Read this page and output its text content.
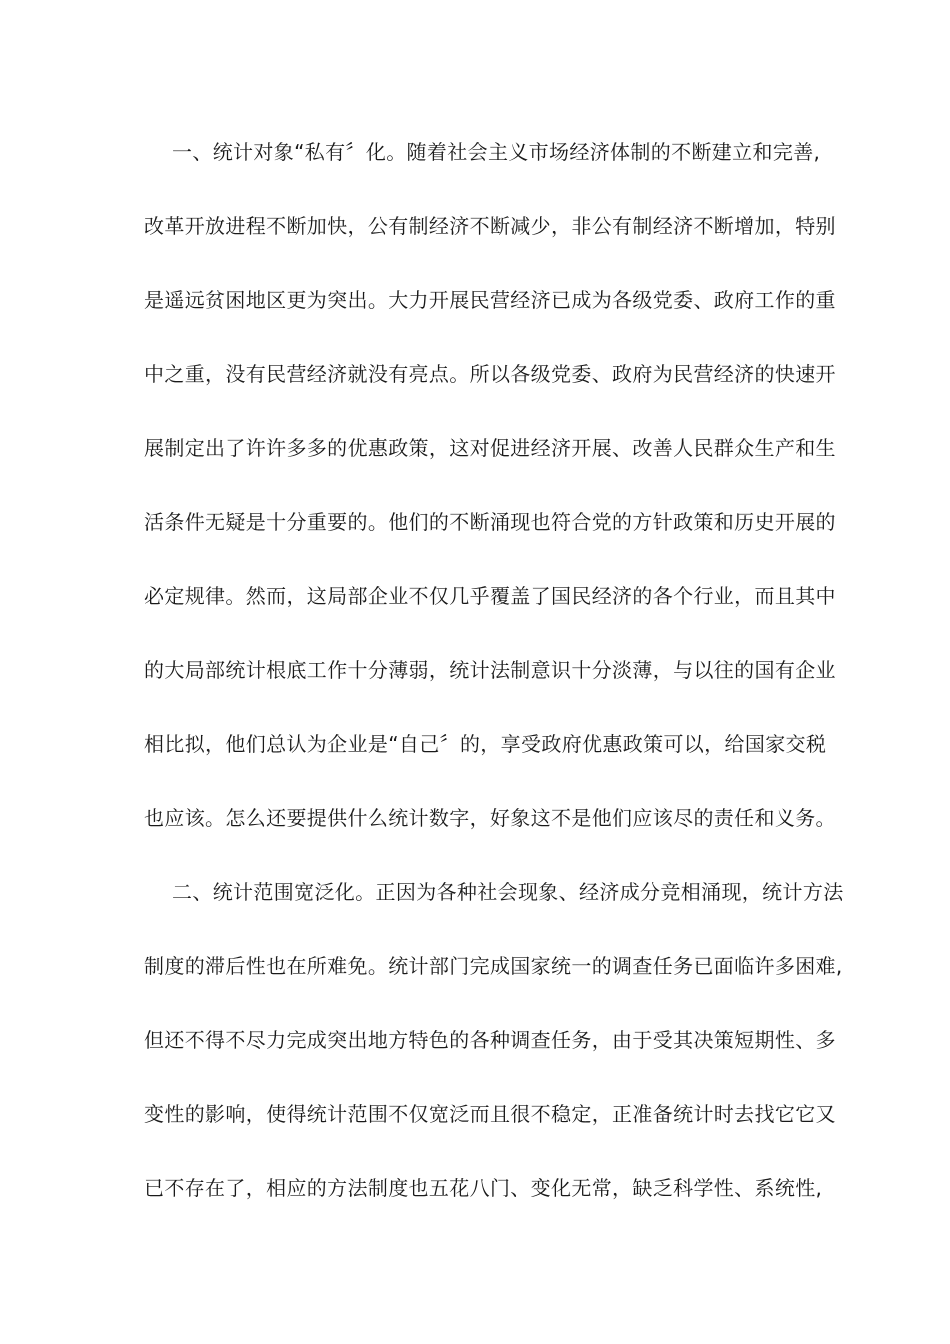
一、统计对象“私有〞化。随着社会主义市场经济体制的不断建立和完善,
改革开放进程不断加快，公有制经济不断减少，非公有制经济不断增加，特别
是遥远贫困地区更为突出。大力开展民营经济已成为各级党委、政府工作的重
中之重，没有民营经济就没有亮点。所以各级党委、政府为民营经济的快速开
展制定出了许许多多的优惠政策，这对促进经济开展、改善人民群众生产和生
活条件无疑是十分重要的。他们的不断涌现也符合党的方针政策和历史开展的
必定规律。然而，这局部企业不仅几乎覆盖了国民经济的各个行业，而且其中
的大局部统计根底工作十分薄弱，统计法制意识十分淡薄，与以往的国有企业
相比拟，他们总认为企业是“自己〞的，享受政府优惠政策可以，给国家交税
也应该。怎么还要提供什么统计数字，好象这不是他们应该尽的责任和义务。

二、统计范围宽泛化。正因为各种社会现象、经济成分竞相涌现，统计方法
制度的滞后性也在所难免。统计部门完成国家统一的调查任务已面临许多困难,
但还不得不尽力完成突出地方特色的各种调查任务，由于受其决策短期性、多
变性的影响，使得统计范围不仅宽泛而且很不稳定，正准备统计时去找它它又
已不存在了，相应的方法制度也五花八门、变化无常，缺乏科学性、系统性,
